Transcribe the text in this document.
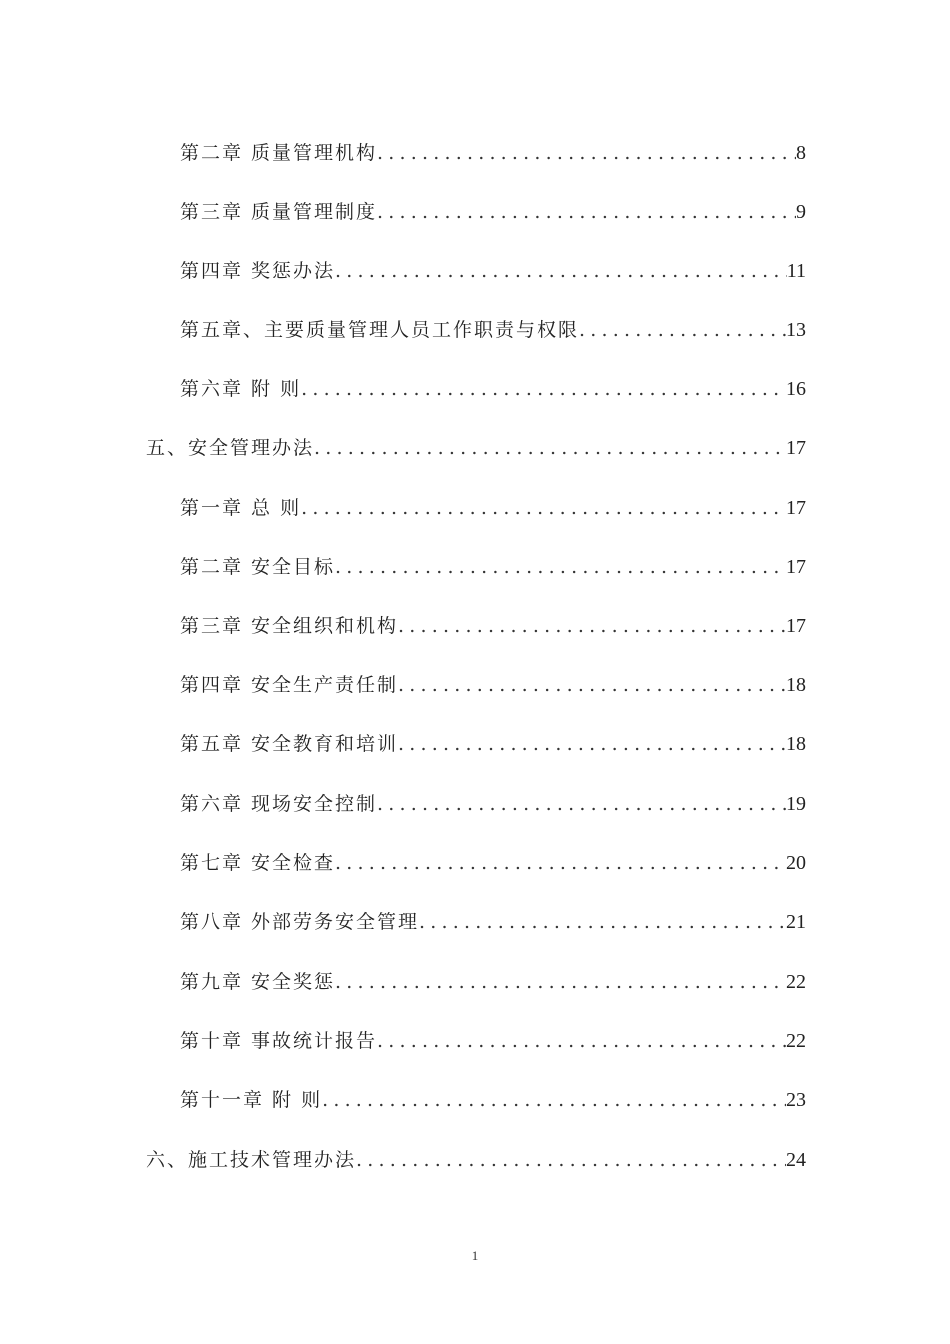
第二章 质量管理机构 .....	8
第三章 质量管理制度 .....	9
第四章 奖惩办法 .....	11
第五章、主要质量管理人员工作职责与权限 .....	13
第六章 附 则 .....	16
五、安全管理办法 .....	17
第一章 总 则 .....	17
第二章 安全目标 .....	17
第三章 安全组织和机构 .....	17
第四章 安全生产责任制 .....	18
第五章 安全教育和培训 .....	18
第六章 现场安全控制 .....	19
第七章 安全检查 .....	20
第八章 外部劳务安全管理 .....	21
第九章 安全奖惩 .....	22
第十章 事故统计报告 .....	22
第十一章 附 则 .....	23
六、施工技术管理办法 .....	24
1
